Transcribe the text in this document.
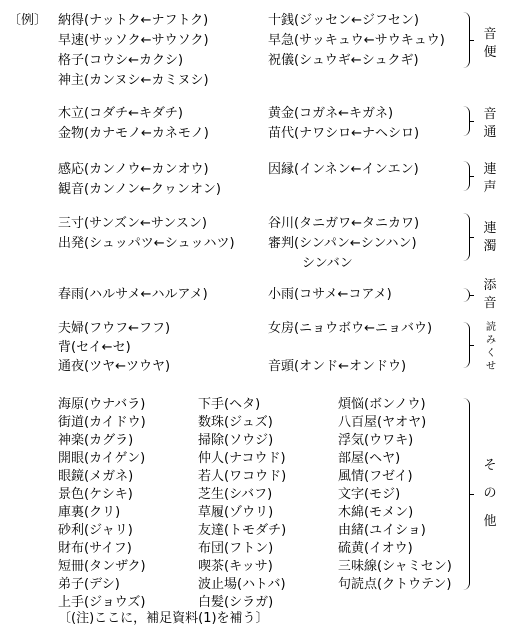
〔例〕 納得(ナットク←ナフトク)
早速(サッソク←サウソク)
格子(コウシ←カクシ)
神主(カンヌシ←カミヌシ)
十銭(ジッセン←ジフセン)
早急(サッキュウ←サウキュウ)
祝儀(シュウギ←シュクギ)
音便
木立(コダチ←キダチ)
金物(カナモノ←カネモノ)
黄金(コガネ←キガネ)
苗代(ナワシロ←ナヘシロ)
音通
感応(カンノウ←カンオウ)
観音(カンノン←クヮンオン)
因縁(インネン←インエン)	連声
三寸(サンズン←サンスン)
出発(シュッパツ←シュッハツ)
谷川(タニガワ←タニカワ)
審判(シンパン←シンハン)
シンバン
連濁
春雨(ハルサメ←ハルアメ)	小雨(コサメ←コアメ)
添音
夫婦(フウフ←フフ)
背(セイ←セ)
通夜(ツヤ←ツウヤ)
女房(ニョウボウ←ニョバウ)
音頭(オンド←オンドウ)
読みくせ
海原(ウナバラ)
街道(カイドウ)
神楽(カグラ)
開眼(カイゲン)
眼鏡(メガネ)
景色(ケシキ)
庫裏(クリ)
砂利(ジャリ)
財布(サイフ)
短冊(タンザク)
弟子(デシ)
上手(ジョウズ)
下手(ヘタ)
数珠(ジュズ)
掃除(ソウジ)
仲人(ナコウド)
若人(ワコウド)
芝生(シバフ)
草履(ゾウリ)
友達(トモダチ)
布団(フトン)
喫茶(キッサ)
波止場(ハトバ)
白髪(シラガ)
煩悩(ボンノウ)
八百屋(ヤオヤ)
浮気(ウワキ)
部屋(ヘヤ)
風情(フゼイ)
文字(モジ)
木綿(モメン)
由緒(ユイショ)
硫黄(イオウ)
三味線(シャミセン)
句読点(クトウテン)
その他
〔(注)ここに，補足資料(1)を補う〕
